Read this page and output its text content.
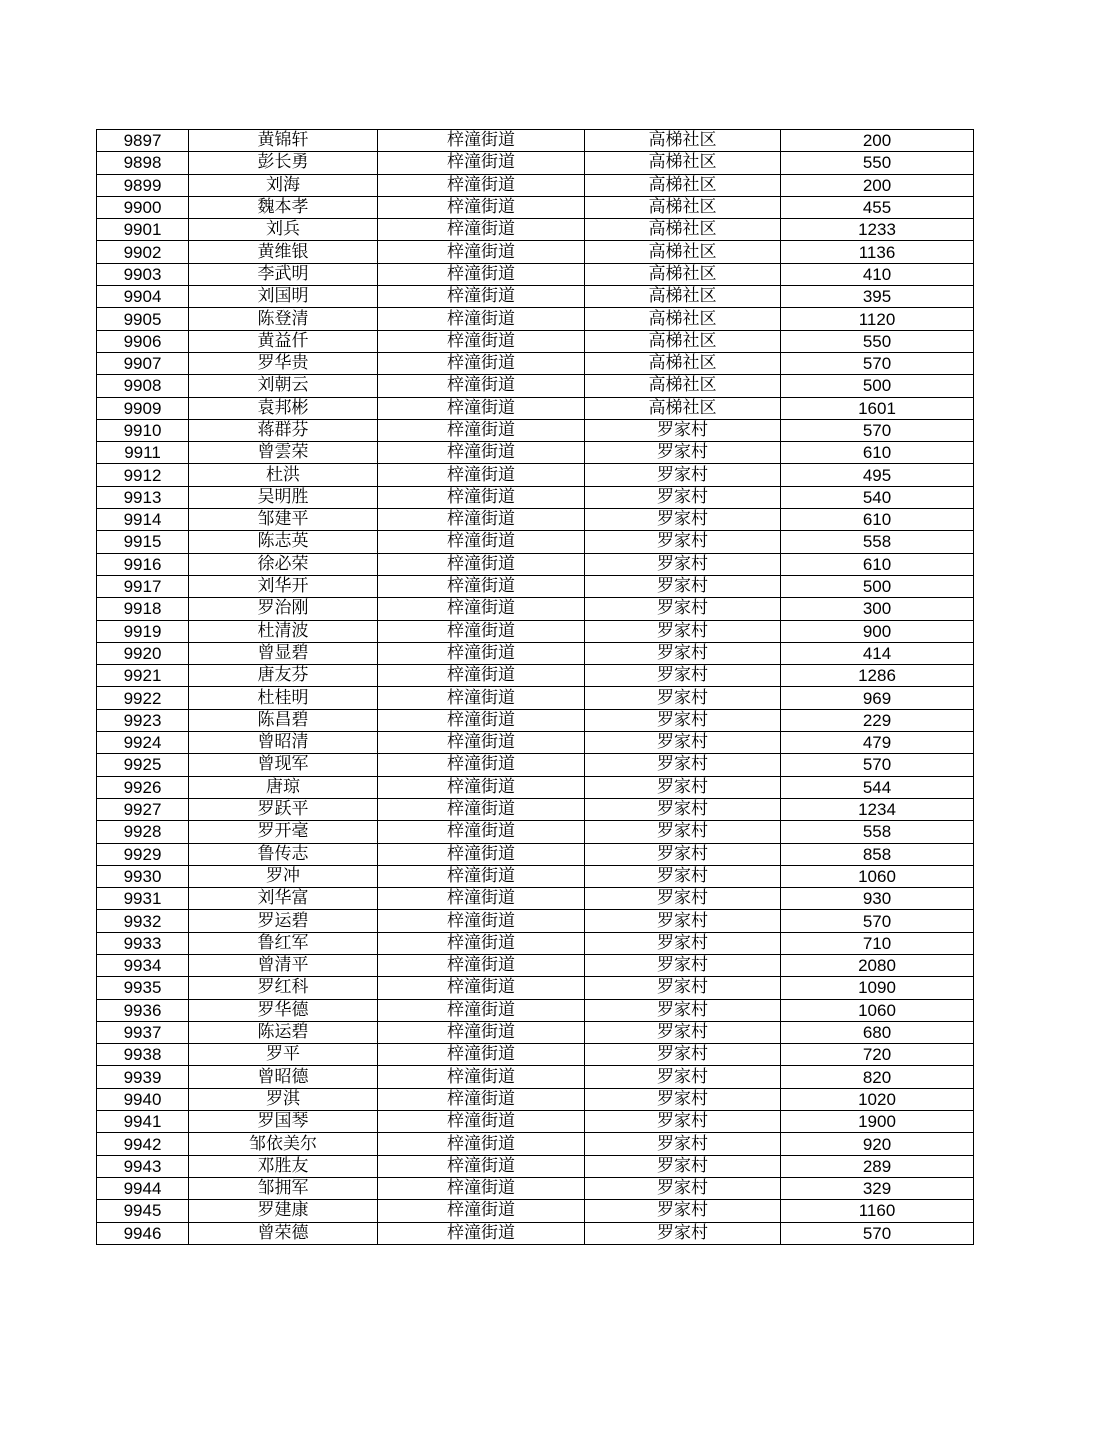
9897	黄锦轩	梓潼街道	高梯社区	200
9898	彭长勇	梓潼街道	高梯社区	550
9899	刘海	梓潼街道	高梯社区	200
9900	魏本孝	梓潼街道	高梯社区	455
9901	刘兵	梓潼街道	高梯社区	1233
9902	黄维银	梓潼街道	高梯社区	1136
9903	李武明	梓潼街道	高梯社区	410
9904	刘国明	梓潼街道	高梯社区	395
9905	陈登清	梓潼街道	高梯社区	1120
9906	黄益仟	梓潼街道	高梯社区	550
9907	罗华贵	梓潼街道	高梯社区	570
9908	刘朝云	梓潼街道	高梯社区	500
9909	袁邦彬	梓潼街道	高梯社区	1601
9910	蒋群芬	梓潼街道	罗家村	570
9911	曾雲荣	梓潼街道	罗家村	610
9912	杜洪	梓潼街道	罗家村	495
9913	吴明胜	梓潼街道	罗家村	540
9914	邹建平	梓潼街道	罗家村	610
9915	陈志英	梓潼街道	罗家村	558
9916	徐必荣	梓潼街道	罗家村	610
9917	刘华开	梓潼街道	罗家村	500
9918	罗治刚	梓潼街道	罗家村	300
9919	杜清波	梓潼街道	罗家村	900
9920	曾显碧	梓潼街道	罗家村	414
9921	唐友芬	梓潼街道	罗家村	1286
9922	杜桂明	梓潼街道	罗家村	969
9923	陈昌碧	梓潼街道	罗家村	229
9924	曾昭清	梓潼街道	罗家村	479
9925	曾现军	梓潼街道	罗家村	570
9926	唐琼	梓潼街道	罗家村	544
9927	罗跃平	梓潼街道	罗家村	1234
9928	罗开毫	梓潼街道	罗家村	558
9929	鲁传志	梓潼街道	罗家村	858
9930	罗冲	梓潼街道	罗家村	1060
9931	刘华富	梓潼街道	罗家村	930
9932	罗运碧	梓潼街道	罗家村	570
9933	鲁红军	梓潼街道	罗家村	710
9934	曾清平	梓潼街道	罗家村	2080
9935	罗红科	梓潼街道	罗家村	1090
9936	罗华德	梓潼街道	罗家村	1060
9937	陈运碧	梓潼街道	罗家村	680
9938	罗平	梓潼街道	罗家村	720
9939	曾昭德	梓潼街道	罗家村	820
9940	罗淇	梓潼街道	罗家村	1020
9941	罗国琴	梓潼街道	罗家村	1900
9942	邹依美尔	梓潼街道	罗家村	920
9943	邓胜友	梓潼街道	罗家村	289
9944	邹拥军	梓潼街道	罗家村	329
9945	罗建康	梓潼街道	罗家村	1160
9946	曾荣德	梓潼街道	罗家村	570
